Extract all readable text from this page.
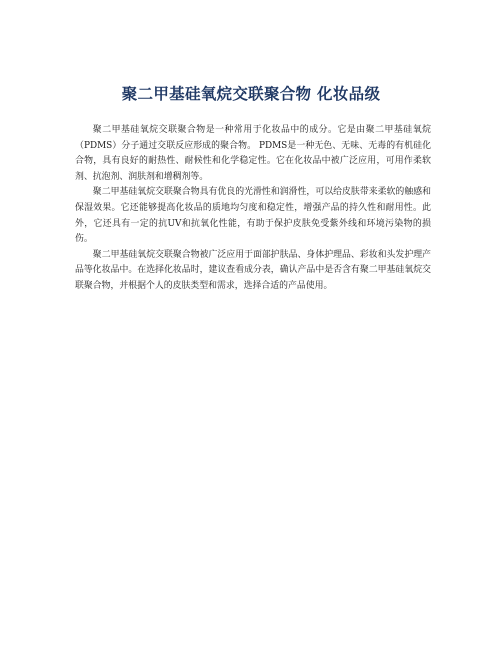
聚二甲基硅氧烷交联聚合物 化妆品级

聚二甲基硅氧烷交联聚合物是一种常用于化妆品中的成分。它是由聚二甲基硅氧烷（PDMS）分子通过交联反应形成的聚合物。 PDMS是一种无色、无味、无毒的有机硅化合物，具有良好的耐热性、耐候性和化学稳定性。它在化妆品中被广泛应用，可用作柔软剂、抗泡剂、润肤剂和增稠剂等。

聚二甲基硅氧烷交联聚合物具有优良的光滑性和润滑性，可以给皮肤带来柔软的触感和保湿效果。它还能够提高化妆品的质地均匀度和稳定性，增强产品的持久性和耐用性。此外，它还具有一定的抗UV和抗氧化性能，有助于保护皮肤免受紫外线和环境污染物的损伤。

聚二甲基硅氧烷交联聚合物被广泛应用于面部护肤品、身体护理品、彩妆和头发护理产品等化妆品中。在选择化妆品时，建议查看成分表，确认产品中是否含有聚二甲基硅氧烷交联聚合物，并根据个人的皮肤类型和需求，选择合适的产品使用。
